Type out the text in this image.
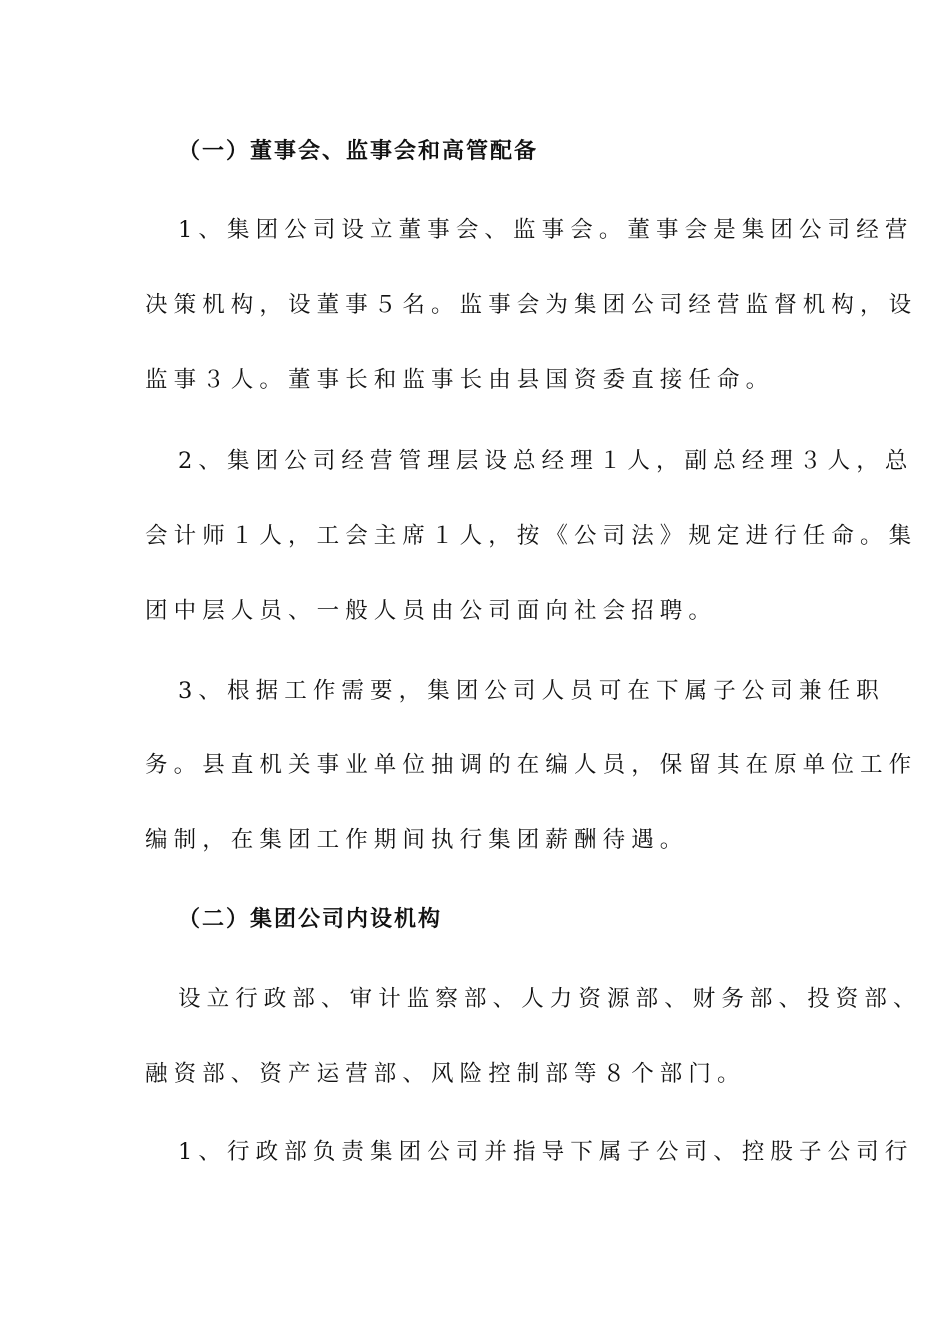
（一）董事会、监事会和高管配备
1、集团公司设立董事会、监事会。董事会是集团公司经营
决策机构，设董事５名。监事会为集团公司经营监督机构，设
监事３人。董事长和监事长由县国资委直接任命。
2、集团公司经营管理层设总经理１人，副总经理３人，总
会计师１人，工会主席１人，按《公司法》规定进行任命。集
团中层人员、一般人员由公司面向社会招聘。
3、根据工作需要，集团公司人员可在下属子公司兼任职
务。县直机关事业单位抽调的在编人员，保留其在原单位工作
编制，在集团工作期间执行集团薪酬待遇。
（二）集团公司内设机构
设立行政部、审计监察部、人力资源部、财务部、投资部、
融资部、资产运营部、风险控制部等８个部门。
1、行政部负责集团公司并指导下属子公司、控股子公司行
